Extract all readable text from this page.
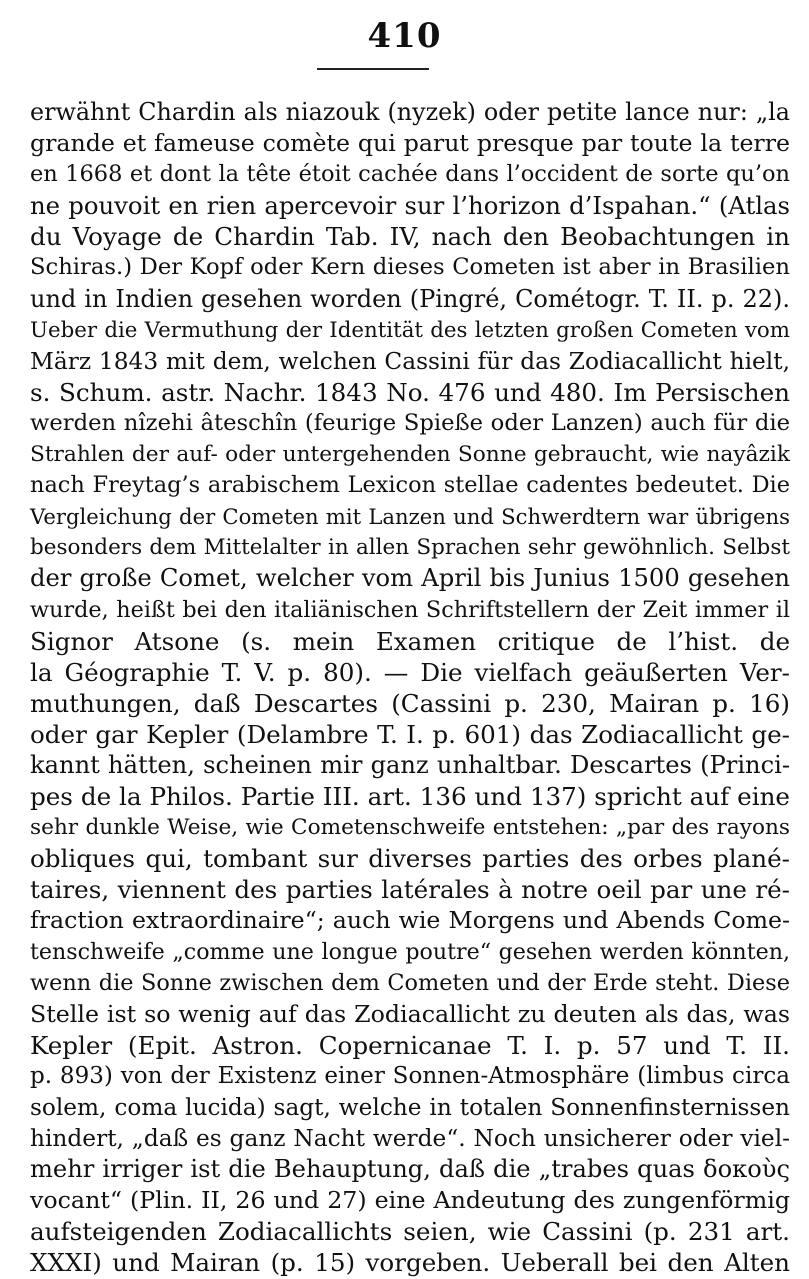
410
erwähnt Chardin als niazouk (nyzek) oder petite lance nur: „la
grande et fameuse comète qui parut presque par toute la terre
en 1668 et dont la tête étoit cachée dans l’occident de sorte qu’on
ne pouvoit en rien apercevoir sur l’horizon d’Ispahan.“ (Atlas
du Voyage de Chardin Tab. IV, nach den Beobachtungen in
Schiras.) Der Kopf oder Kern dieses Cometen ist aber in Brasilien
und in Indien gesehen worden (Pingré, Cométogr. T. II. p. 22).
Ueber die Vermuthung der Identität des letzten großen Cometen vom
März 1843 mit dem, welchen Cassini für das Zodiacallicht hielt,
s. Schum. astr. Nachr. 1843 No. 476 und 480. Im Persischen
werden nîzehi âteschîn (feurige Spieße oder Lanzen) auch für die
Strahlen der auf- oder untergehenden Sonne gebraucht, wie nayâzik
nach Freytag’s arabischem Lexicon stellae cadentes bedeutet. Die
Vergleichung der Cometen mit Lanzen und Schwerdtern war übrigens
besonders dem Mittelalter in allen Sprachen sehr gewöhnlich. Selbst
der große Comet, welcher vom April bis Junius 1500 gesehen
wurde, heißt bei den italiänischen Schriftstellern der Zeit immer il
Signor Atsone (s. mein Examen critique de l’hist. de
la Géographie T. V. p. 80). — Die vielfach geäußerten Ver-
muthungen, daß Descartes (Cassini p. 230, Mairan p. 16)
oder gar Kepler (Delambre T. I. p. 601) das Zodiacallicht ge-
kannt hätten, scheinen mir ganz unhaltbar. Descartes (Princi-
pes de la Philos. Partie III. art. 136 und 137) spricht auf eine
sehr dunkle Weise, wie Cometenschweife entstehen: „par des rayons
obliques qui, tombant sur diverses parties des orbes plané-
taires, viennent des parties latérales à notre oeil par une ré-
fraction extraordinaire“; auch wie Morgens und Abends Come-
tenschweife „comme une longue poutre“ gesehen werden könnten,
wenn die Sonne zwischen dem Cometen und der Erde steht. Diese
Stelle ist so wenig auf das Zodiacallicht zu deuten als das, was
Kepler (Epit. Astron. Copernicanae T. I. p. 57 und T. II.
p. 893) von der Existenz einer Sonnen-Atmosphäre (limbus circa
solem, coma lucida) sagt, welche in totalen Sonnenfinsternissen
hindert, „daß es ganz Nacht werde“. Noch unsicherer oder viel-
mehr irriger ist die Behauptung, daß die „trabes quas δοκοὺς
vocant“ (Plin. II, 26 und 27) eine Andeutung des zungenförmig
aufsteigenden Zodiacallichts seien, wie Cassini (p. 231 art.
XXXI) und Mairan (p. 15) vorgeben. Ueberall bei den Alten
